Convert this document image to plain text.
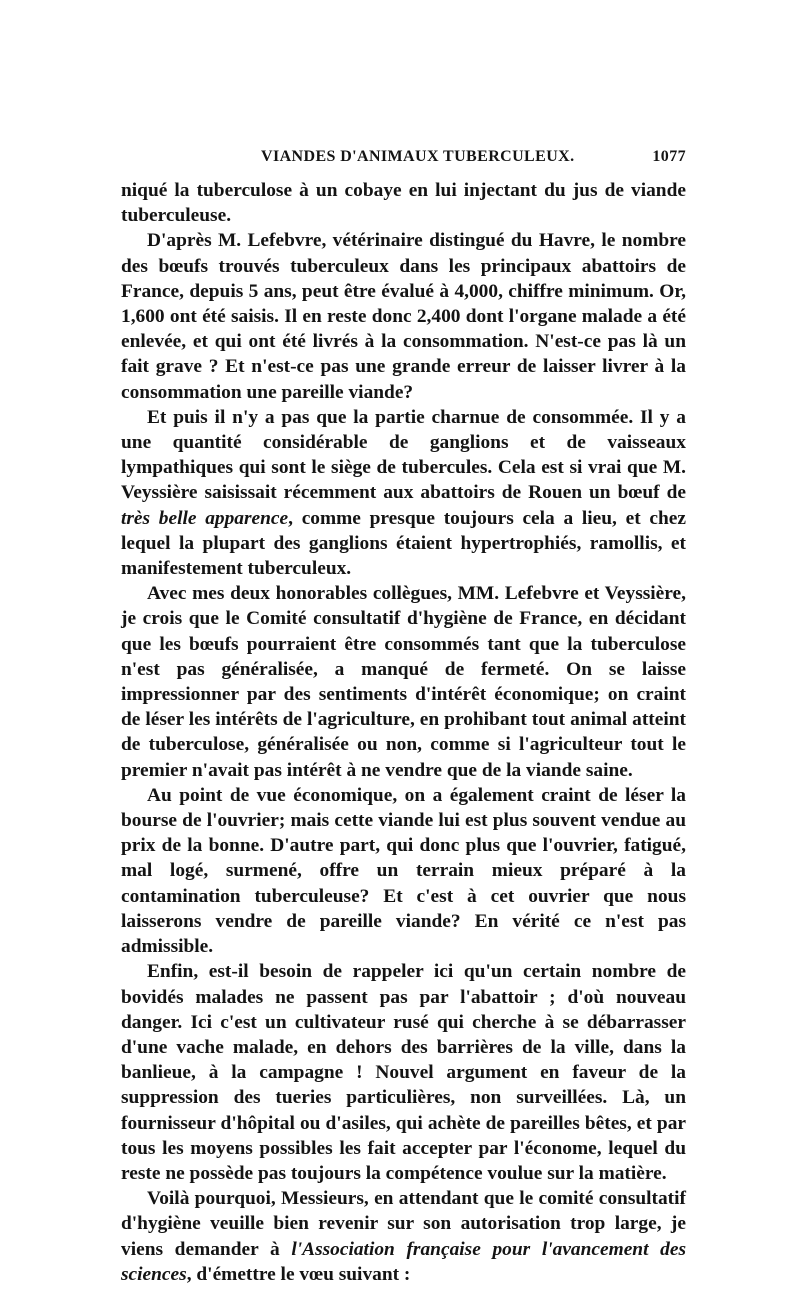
VIANDES D'ANIMAUX TUBERCULEUX.	1077

niqué la tuberculose à un cobaye en lui injectant du jus de viande tuberculeuse.

D'après M. Lefebvre, vétérinaire distingué du Havre, le nombre des bœufs trouvés tuberculeux dans les principaux abattoirs de France, depuis 5 ans, peut être évalué à 4,000, chiffre minimum. Or, 1,600 ont été saisis. Il en reste donc 2,400 dont l'organe malade a été enlevée, et qui ont été livrés à la consommation. N'est-ce pas là un fait grave ? Et n'est-ce pas une grande erreur de laisser livrer à la consommation une pareille viande?

Et puis il n'y a pas que la partie charnue de consommée. Il y a une quantité considérable de ganglions et de vaisseaux lympathiques qui sont le siège de tubercules. Cela est si vrai que M. Veyssière saisissait récemment aux abattoirs de Rouen un bœuf de très belle apparence, comme presque toujours cela a lieu, et chez lequel la plupart des ganglions étaient hypertrophiés, ramollis, et manifestement tuberculeux.

Avec mes deux honorables collègues, MM. Lefebvre et Veyssière, je crois que le Comité consultatif d'hygiène de France, en décidant que les bœufs pourraient être consommés tant que la tuberculose n'est pas généralisée, a manqué de fermeté. On se laisse impressionner par des sentiments d'intérêt économique; on craint de léser les intérêts de l'agriculture, en prohibant tout animal atteint de tuberculose, généralisée ou non, comme si l'agriculteur tout le premier n'avait pas intérêt à ne vendre que de la viande saine.

Au point de vue économique, on a également craint de léser la bourse de l'ouvrier; mais cette viande lui est plus souvent vendue au prix de la bonne. D'autre part, qui donc plus que l'ouvrier, fatigué, mal logé, surmené, offre un terrain mieux préparé à la contamination tuberculeuse? Et c'est à cet ouvrier que nous laisserons vendre de pareille viande? En vérité ce n'est pas admissible.

Enfin, est-il besoin de rappeler ici qu'un certain nombre de bovidés malades ne passent pas par l'abattoir ; d'où nouveau danger. Ici c'est un cultivateur rusé qui cherche à se débarrasser d'une vache malade, en dehors des barrières de la ville, dans la banlieue, à la campagne ! Nouvel argument en faveur de la suppression des tueries particulières, non surveillées. Là, un fournisseur d'hôpital ou d'asiles, qui achète de pareilles bêtes, et par tous les moyens possibles les fait accepter par l'économe, lequel du reste ne possède pas toujours la compétence voulue sur la matière.

Voilà pourquoi, Messieurs, en attendant que le comité consultatif d'hygiène veuille bien revenir sur son autorisation trop large, je viens demander à l'Association française pour l'avancement des sciences, d'émettre le vœu suivant :
